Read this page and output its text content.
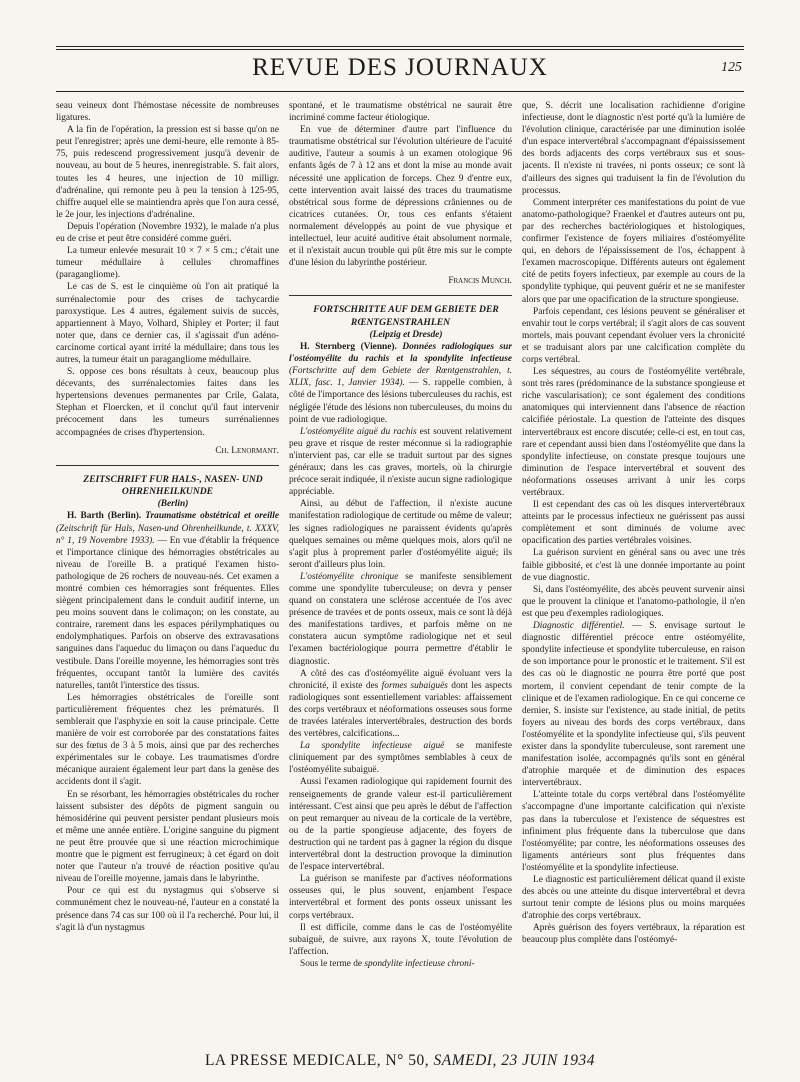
REVUE DES JOURNAUX	125

seau veineux dont l'hémostase nécessite de nombreuses ligatures.

A la fin de l'opération, la pression est si basse qu'on ne peut l'enregistrer; après une demi-heure, elle remonte à 85-75, puis redescend progressivement jusqu'à devenir de nouveau, au bout de 5 heures, inenregistrable. S. fait alors, toutes les 4 heures, une injection de 10 milligr. d'adrénaline, qui remonte peu à peu la tension à 125-95, chiffre auquel elle se maintiendra après que l'on aura cessé, le 2e jour, les injections d'adrénaline.

Depuis l'opération (Novembre 1932), le malade n'a plus eu de crise et peut être considéré comme guéri.

La tumeur enlevée mesurait 10 × 7 × 5 cm.; c'était une tumeur médullaire à cellules chromaffines (paragangliome).

Le cas de S. est le cinquième où l'on ait pratiqué la surrénalectomie pour des crises de tachycardie paroxystique. Les 4 autres, également suivis de succès, appartiennent à Mayo, Volhard, Shipley et Porter; il faut noter que, dans ce dernier cas, il s'agissait d'un adéno-carcinome cortical ayant irrité la médullaire; dans tous les autres, la tumeur était un paragangliome médullaire.

S. oppose ces bons résultats à ceux, beaucoup plus décevants, des surrénalectomies faites dans les hypertensions devenues permanentes par Crile, Galata, Stephan et Floercken, et il conclut qu'il faut intervenir précocement dans les tumeurs surrénaliennes accompagnées de crises d'hypertension.

Ch. Lenormant.

ZEITSCHRIFT FUR HALS-, NASEN- UND OHRENHEILKUNDE

(Berlin)

H. Barth (Berlin). Traumatisme obstétrical et oreille (Zeitschrift für Hals, Nasen-und Ohrenheilkunde, t. XXXV, n° 1, 19 Novembre 1933). — En vue d'établir la fréquence et l'importance clinique des hémorragies obstétricales au niveau de l'oreille B. a pratiqué l'examen histo-pathologique de 26 rochers de nouveau-nés. Cet examen a montré combien ces hémorragies sont fréquentes. Elles siègent principalement dans le conduit auditif interne, un peu moins souvent dans le colimaçon; on les constate, au contraire, rarement dans les espaces périlymphatiques ou endolymphatiques. Parfois on observe des extravasations sanguines dans l'aqueduc du limaçon ou dans l'aqueduc du vestibule. Dans l'oreille moyenne, les hémorragies sont très fréquentes, occupant tantôt la lumière des cavités naturelles, tantôt l'interstice des tissus.

Les hémorragies obstétricales de l'oreille sont particulièrement fréquentes chez les prématurés. Il semblerait que l'asphyxie en soit la cause principale. Cette manière de voir est corroborée par des constatations faites sur des fœtus de 3 à 5 mois, ainsi que par des recherches expérimentales sur le cobaye. Les traumatismes d'ordre mécanique auraient également leur part dans la genèse des accidents dont il s'agit.

En se résorbant, les hémorragies obstétricales du rocher laissent subsister des dépôts de pigment sanguin ou hémosidérine qui peuvent persister pendant plusieurs mois et même une année entière. L'origine sanguine du pigment ne peut être prouvée que si une réaction microchimique montre que le pigment est ferrugineux; à cet égard on doit noter que l'auteur n'a trouvé de réaction positive qu'au niveau de l'oreille moyenne, jamais dans le labyrinthe.

Pour ce qui est du nystagmus qui s'observe si communément chez le nouveau-né, l'auteur en a constaté la présence dans 74 cas sur 100 où il l'a recherché. Pour lui, il s'agit là d'un nystagmus

spontané, et le traumatisme obstétrical ne saurait être incriminé comme facteur étiologique.

En vue de déterminer d'autre part l'influence du traumatisme obstétrical sur l'évolution ultérieure de l'acuité auditive, l'auteur a soumis à un examen otologique 96 enfants âgés de 7 à 12 ans et dont la mise au monde avait nécessité une application de forceps. Chez 9 d'entre eux, cette intervention avait laissé des traces du traumatisme obstétrical sous forme de dépressions crâniennes ou de cicatrices cutanées. Or, tous ces enfants s'étaient normalement développés au point de vue physique et intellectuel, leur acuité auditive était absolument normale, et il n'existait aucun trouble qui pût être mis sur le compte d'une lésion du labyrinthe postérieur.

Francis Munch.

FORTSCHRITTE AUF DEM GEBIETE DER RŒNTGENSTRAHLEN

(Leipzig et Dresde)

H. Sternberg (Vienne). Données radiologiques sur l'ostéomyélite du rachis et la spondylite infectieuse (Fortschritte auf dem Gebiete der Rœntgenstrahlen, t. XLIX, fasc. 1, Janvier 1934). — S. rappelle combien, à côté de l'importance des lésions tuberculeuses du rachis, est négligée l'étude des lésions non tuberculeuses, du moins du point de vue radiologique.

L'ostéomyélite aiguë du rachis est souvent relativement peu grave et risque de rester méconnue si la radiographie n'intervient pas, car elle se traduit surtout par des signes généraux; dans les cas graves, mortels, où la chirurgie précoce serait indiquée, il n'existe aucun signe radiologique appréciable.

Ainsi, au début de l'affection, il n'existe aucune manifestation radiologique de certitude ou même de valeur; les signes radiologiques ne paraissent évidents qu'après quelques semaines ou même quelques mois, alors qu'il ne s'agit plus à proprement parler d'ostéomyélite aiguë; ils seront d'ailleurs plus loin.

L'ostéomyélite chronique se manifeste sensiblement comme une spondylite tuberculeuse; on devra y penser quand on constatera une sclérose accentuée de l'os avec présence de travées et de ponts osseux, mais ce sont là déjà des manifestations tardives, et parfois même on ne constatera aucun symptôme radiologique net et seul l'examen bactériologique pourra permettre d'établir le diagnostic.

A côté des cas d'ostéomyélite aiguë évoluant vers la chronicité, il existe des formes subaiguës dont les aspects radiologiques sont essentiellement variables: affaissement des corps vertébraux et néoformations osseuses sous forme de travées latérales intervertébrales, destruction des bords des vertèbres, calcifications...

La spondylite infectieuse aiguë se manifeste cliniquement par des symptômes semblables à ceux de l'ostéomyélite subaiguë.

Aussi l'examen radiologique qui rapidement fournit des renseignements de grande valeur est-il particulièrement intéressant. C'est ainsi que peu après le début de l'affection on peut remarquer au niveau de la corticale de la vertèbre, ou de la partie spongieuse adjacente, des foyers de destruction qui ne tardent pas à gagner la région du disque intervertébral dont la destruction provoque la diminution de l'espace intervertébral.

La guérison se manifeste par d'actives néoformations osseuses qui, le plus souvent, enjambent l'espace intervertébral et forment des ponts osseux unissant les corps vertébraux.

Il est difficile, comme dans le cas de l'ostéomyélite subaiguë, de suivre, aux rayons X, toute l'évolution de l'affection.

Sous le terme de spondylite infectieuse chroni-

que, S. décrit une localisation rachidienne d'origine infectieuse, dont le diagnostic n'est porté qu'à la lumière de l'évolution clinique, caractérisée par une diminution isolée d'un espace intervertébral s'accompagnant d'épaississement des bords adjacents des corps vertébraux sus et sous-jacents. Il n'existe ni travées, ni ponts osseux; ce sont là d'ailleurs des signes qui traduisent la fin de l'évolution du processus.

Comment interpréter ces manifestations du point de vue anatomo-pathologique? Fraenkel et d'autres auteurs ont pu, par des recherches bactériologiques et histologiques, confirmer l'existence de foyers miliaires d'ostéomyélite qui, en dehors de l'épaississement de l'os, échappent à l'examen macroscopique. Différents auteurs ont également cité de petits foyers infectieux, par exemple au cours de la spondylite typhique, qui peuvent guérir et ne se manifester alors que par une opacification de la structure spongieuse.

Parfois cependant, ces lésions peuvent se généraliser et envahir tout le corps vertébral; il s'agit alors de cas souvent mortels, mais pouvant cependant évoluer vers la chronicité et se traduisant alors par une calcification complète du corps vertébral.

Les séquestres, au cours de l'ostéomyélite vertébrale, sont très rares (prédominance de la substance spongieuse et riche vascularisation); ce sont également des conditions anatomiques qui interviennent dans l'absence de réaction calcifiée périostale. La question de l'atteinte des disques intervertébraux est encore discutée; celle-ci est, en tout cas, rare et cependant aussi bien dans l'ostéomyélite que dans la spondylite infectieuse, on constate presque toujours une diminution de l'espace intervertébral et souvent des néoformations osseuses arrivant à unir les corps vertébraux.

Il est cependant des cas où les disques intervertébraux atteints par le processus infectieux ne guérissent pas aussi complètement et sont diminués de volume avec opacification des parties vertébrales voisines.

La guérison survient en général sans ou avec une très faible gibbosité, et c'est là une donnée importante au point de vue diagnostic.

Si, dans l'ostéomyélite, des abcès peuvent survenir ainsi que le prouvent la clinique et l'anatomo-pathologie, il n'en est que peu d'exemples radiologiques.

Diagnostic différentiel. — S. envisage surtout le diagnostic différentiel précoce entre ostéomyélite, spondylite infectieuse et spondylite tuberculeuse, en raison de son importance pour le pronostic et le traitement. S'il est des cas où le diagnostic ne pourra être porté que post mortem, il convient cependant de tenir compte de la clinique et de l'examen radiologique. En ce qui concerne ce dernier, S. insiste sur l'existence, au stade initial, de petits foyers au niveau des bords des corps vertébraux, dans l'ostéomyélite et la spondylite infectieuse qui, s'ils peuvent exister dans la spondylite tuberculeuse, sont rarement une manifestation isolée, accompagnés qu'ils sont en général d'atrophie marquée et de diminution des espaces intervertébraux.

L'atteinte totale du corps vertébral dans l'ostéomyélite s'accompagne d'une importante calcification qui n'existe pas dans la tuberculose et l'existence de séquestres est infiniment plus fréquente dans la tuberculose que dans l'ostéomyélite; par contre, les néoformations osseuses des ligaments antérieurs sont plus fréquentes dans l'ostéomyélite et la spondylite infectieuse.

Le diagnostic est particulièrement délicat quand il existe des abcès ou une atteinte du disque intervertébral et devra surtout tenir compte de lésions plus ou moins marquées d'atrophie des corps vertébraux.

Après guérison des foyers vertébraux, la réparation est beaucoup plus complète dans l'ostéomyé-

LA PRESSE MEDICALE, N° 50, SAMEDI, 23 JUIN 1934
